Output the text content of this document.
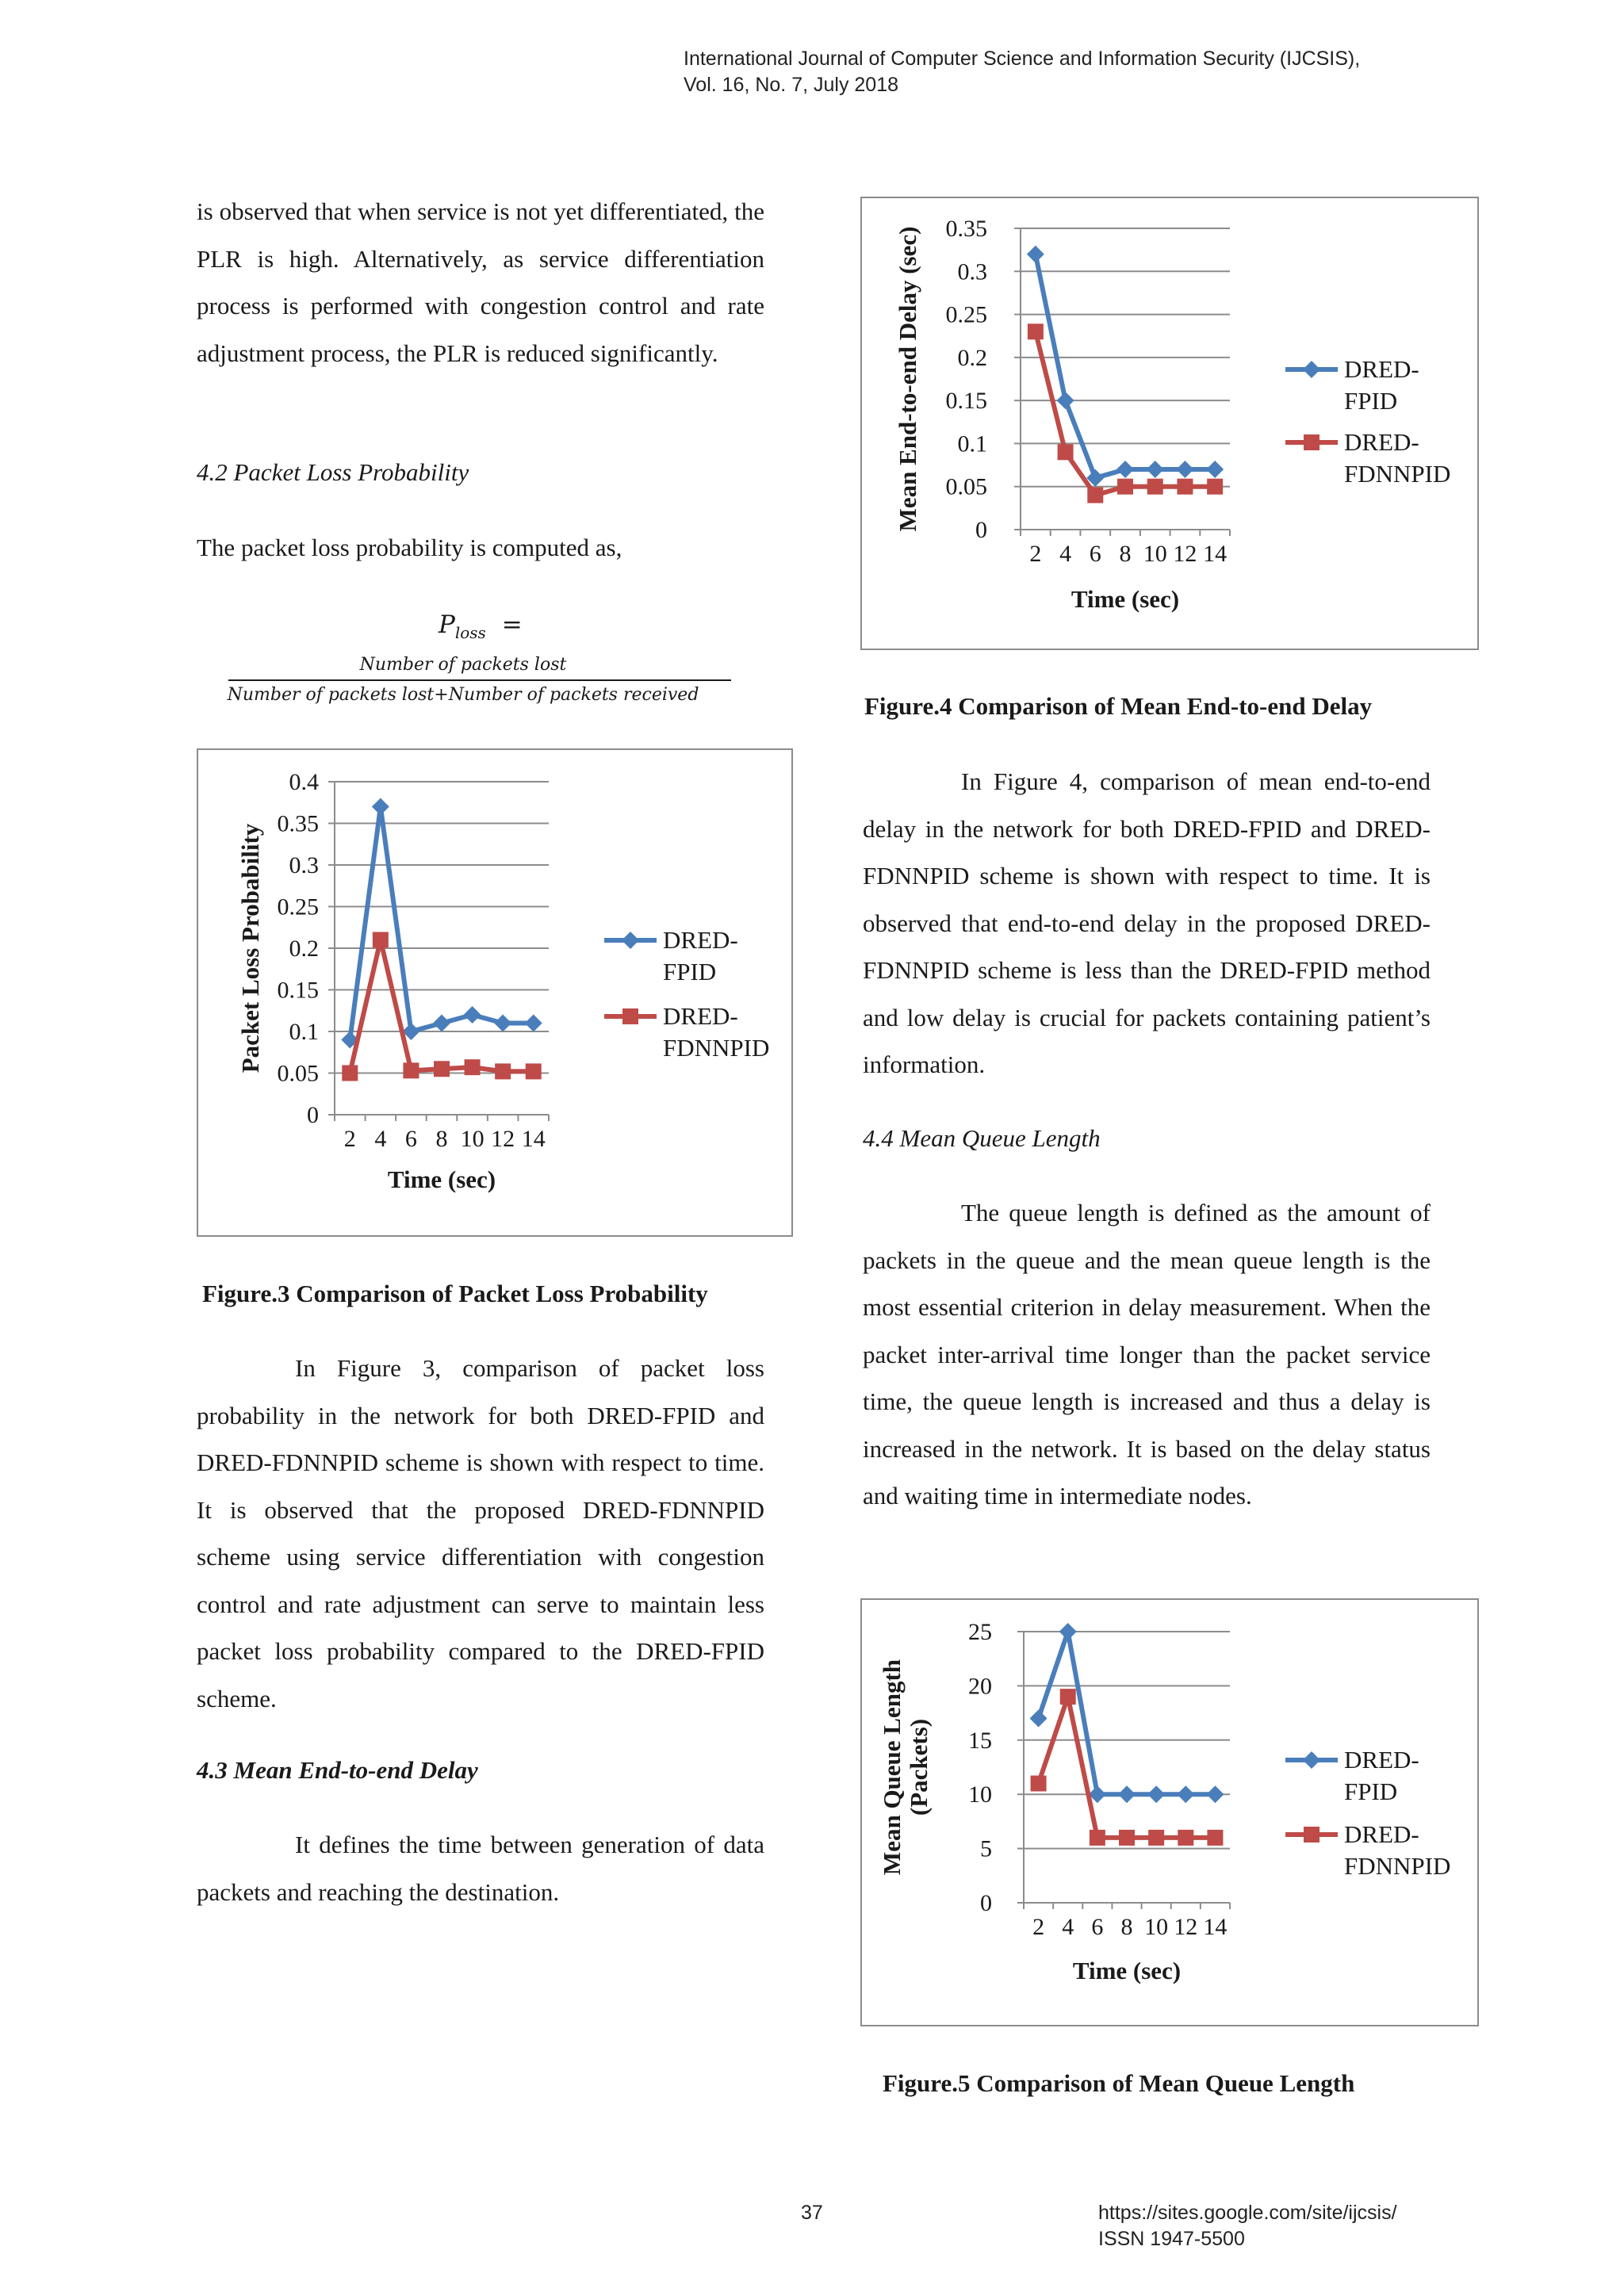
International Journal of Computer Science and Information Security (IJCSIS),
Vol. 16, No. 7, July 2018
is observed that when service is not yet differentiated, the PLR is high. Alternatively, as service differentiation process is performed with congestion control and rate adjustment process, the PLR is reduced significantly.
4.2 Packet Loss Probability
The packet loss probability is computed as,
$P_{loss}$ =
Number of packets lost
Number of packets lost+Number of packets received
0
0.05
0.1
0.15
0.2
0.25
0.3
0.35
0.4
2 4 6 8 10 12 14
Time (sec)
Packet Loss Probability	DRED-
FPID
DRED-
FDNNPID
Figure.3 Comparison of Packet Loss Probability
In Figure 3, comparison of packet loss probability in the network for both DRED-FPID and DRED-FDNNPID scheme is shown with respect to time. It is observed that the proposed DRED-FDNNPID scheme using service differentiation with congestion control and rate adjustment can serve to maintain less packet loss probability compared to the DRED-FPID scheme.
4.3 Mean End-to-end Delay
It defines the time between generation of data packets and reaching the destination.
0
0.05
0.1
0.15
0.2
0.25
0.3
0.35
2 4 6 8 10 12 14
Time (sec)
Mean End-to-end Delay (sec)	DRED-
FPID
DRED-
FDNNPID
Figure.4 Comparison of Mean End-to-end Delay
In Figure 4, comparison of mean end-to-end delay in the network for both DRED-FPID and DRED-FDNNPID scheme is shown with respect to time. It is observed that end-to-end delay in the proposed DRED-FDNNPID scheme is less than the DRED-FPID method and low delay is crucial for packets containing patient’s information.
4.4 Mean Queue Length
The queue length is defined as the amount of packets in the queue and the mean queue length is the most essential criterion in delay measurement. When the packet inter-arrival time longer than the packet service time, the queue length is increased and thus a delay is increased in the network. It is based on the delay status and waiting time in intermediate nodes.
0
5
10
15
20
25
2 4 6 8 10 12 14
Time (sec)
Mean Queue Length (Packets)	DRED-
FPID
DRED-
FDNNPID
Figure.5 Comparison of Mean Queue Length
37	https://sites.google.com/site/ijcsis/
ISSN 1947-5500
